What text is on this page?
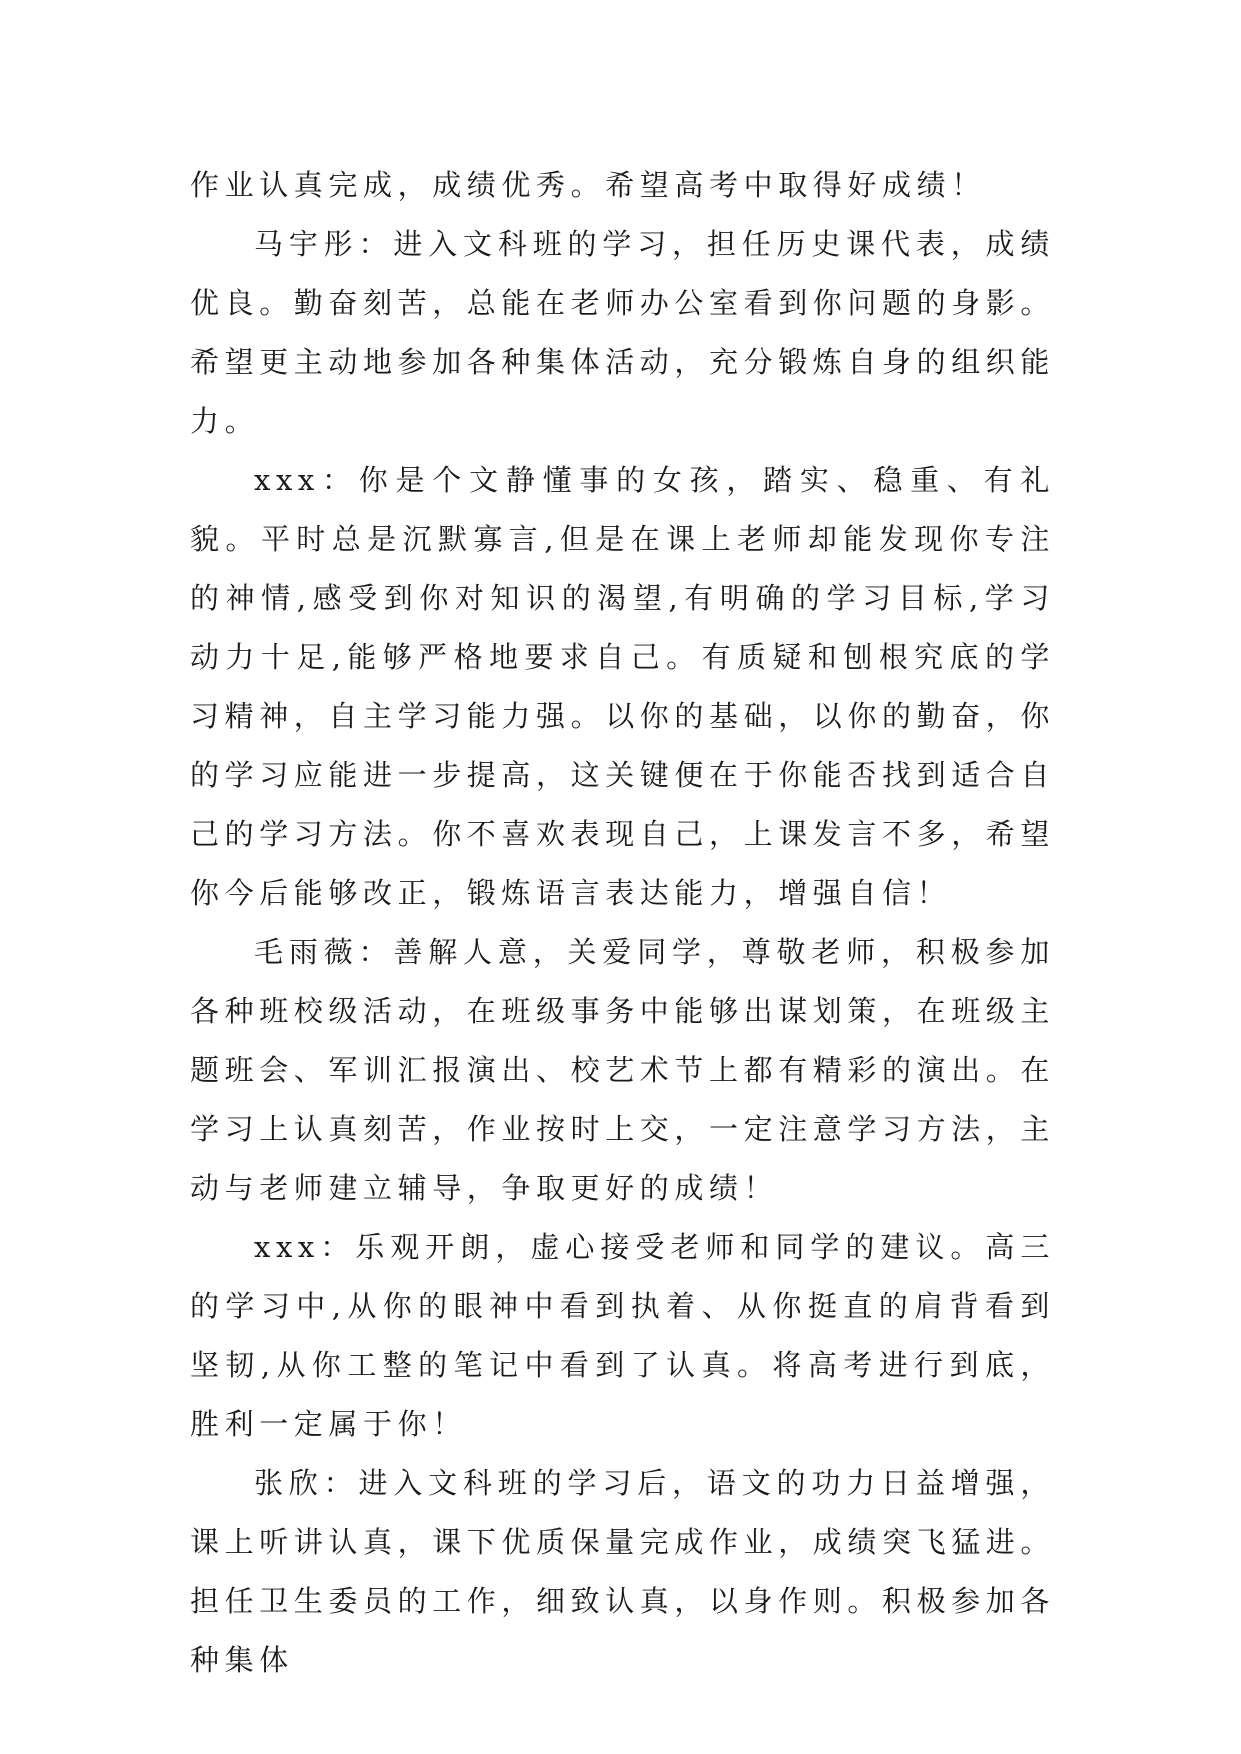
作业认真完成，成绩优秀。希望高考中取得好成绩！

马宇彤：进入文科班的学习，担任历史课代表，成绩优良。勤奋刻苦，总能在老师办公室看到你问题的身影。希望更主动地参加各种集体活动，充分锻炼自身的组织能力。

xxx：你是个文静懂事的女孩，踏实、稳重、有礼貌。平时总是沉默寡言,但是在课上老师却能发现你专注的神情,感受到你对知识的渴望,有明确的学习目标,学习动力十足,能够严格地要求自己。有质疑和刨根究底的学习精神，自主学习能力强。以你的基础，以你的勤奋，你的学习应能进一步提高，这关键便在于你能否找到适合自己的学习方法。你不喜欢表现自己，上课发言不多，希望你今后能够改正，锻炼语言表达能力，增强自信！

毛雨薇：善解人意，关爱同学，尊敬老师，积极参加各种班校级活动，在班级事务中能够出谋划策，在班级主题班会、军训汇报演出、校艺术节上都有精彩的演出。在学习上认真刻苦，作业按时上交，一定注意学习方法，主动与老师建立辅导，争取更好的成绩！

xxx：乐观开朗，虚心接受老师和同学的建议。高三的学习中,从你的眼神中看到执着、从你挺直的肩背看到坚韧,从你工整的笔记中看到了认真。将高考进行到底，胜利一定属于你！

张欣：进入文科班的学习后，语文的功力日益增强，课上听讲认真，课下优质保量完成作业，成绩突飞猛进。担任卫生委员的工作，细致认真，以身作则。积极参加各种集体
